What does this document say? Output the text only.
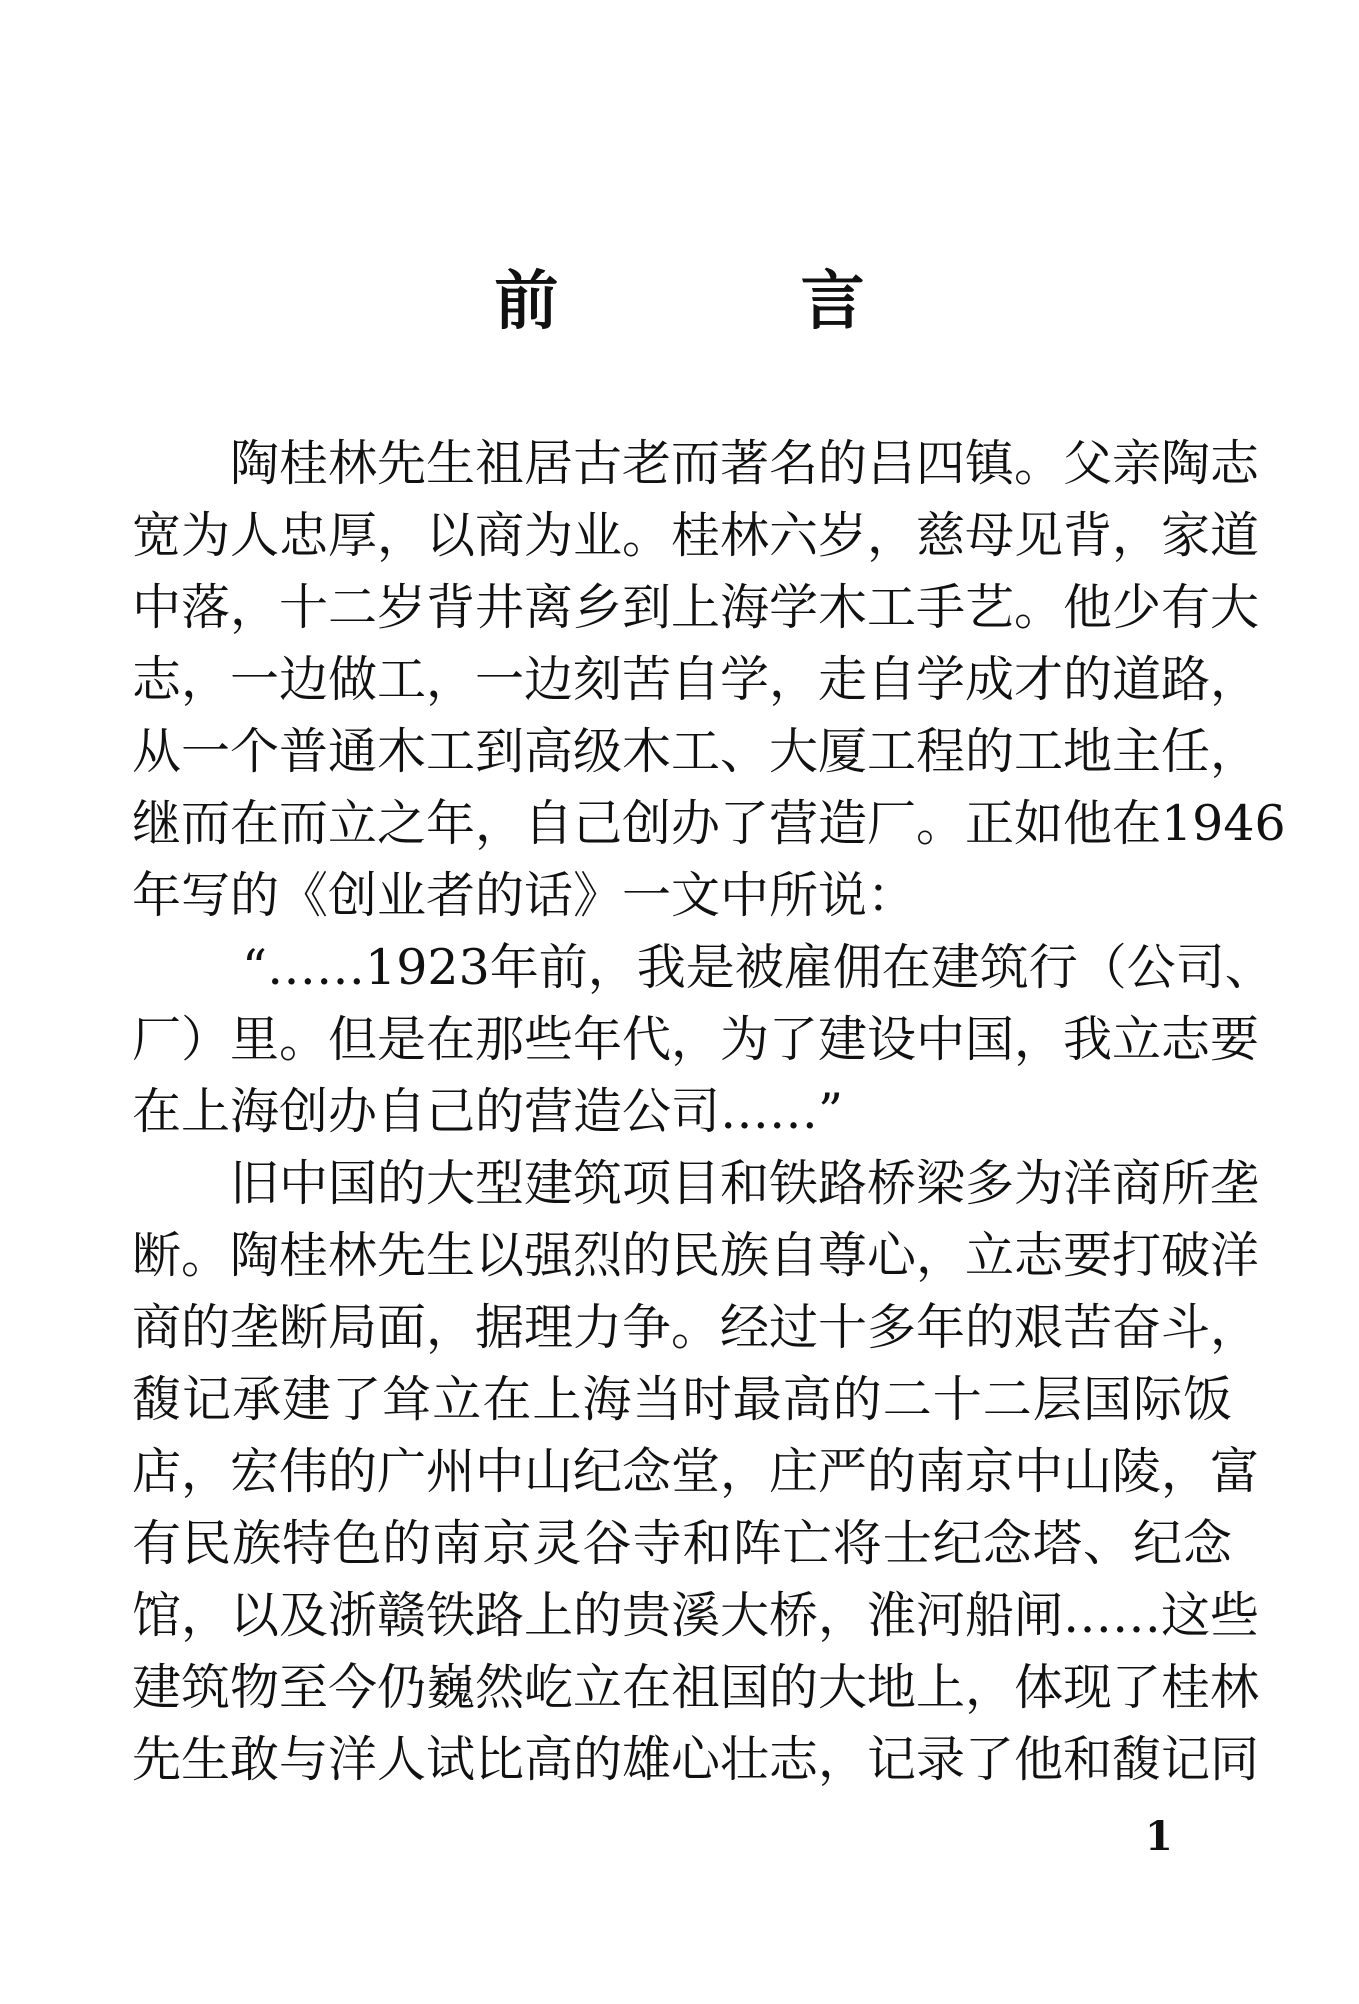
前 言
陶桂林先生祖居古老而著名的吕四镇。父亲陶志
宽为人忠厚，以商为业。桂林六岁，慈母见背，家道
中落，十二岁背井离乡到上海学木工手艺。他少有大
志，一边做工，一边刻苦自学，走自学成才的道路，
从一个普通木工到高级木工、大厦工程的工地主任，
继而在而立之年，自己创办了营造厂。正如他在1946
年写的《创业者的话》一文中所说：
“……1923年前，我是被雇佣在建筑行（公司、
厂）里。但是在那些年代，为了建设中国，我立志要
在上海创办自己的营造公司……”
旧中国的大型建筑项目和铁路桥梁多为洋商所垄
断。陶桂林先生以强烈的民族自尊心，立志要打破洋
商的垄断局面，据理力争。经过十多年的艰苦奋斗，
馥记承建了耸立在上海当时最高的二十二层国际饭
店，宏伟的广州中山纪念堂，庄严的南京中山陵，富
有民族特色的南京灵谷寺和阵亡将士纪念塔、纪念
馆，以及浙赣铁路上的贵溪大桥，淮河船闸……这些
建筑物至今仍巍然屹立在祖国的大地上，体现了桂林
先生敢与洋人试比高的雄心壮志，记录了他和馥记同
1
